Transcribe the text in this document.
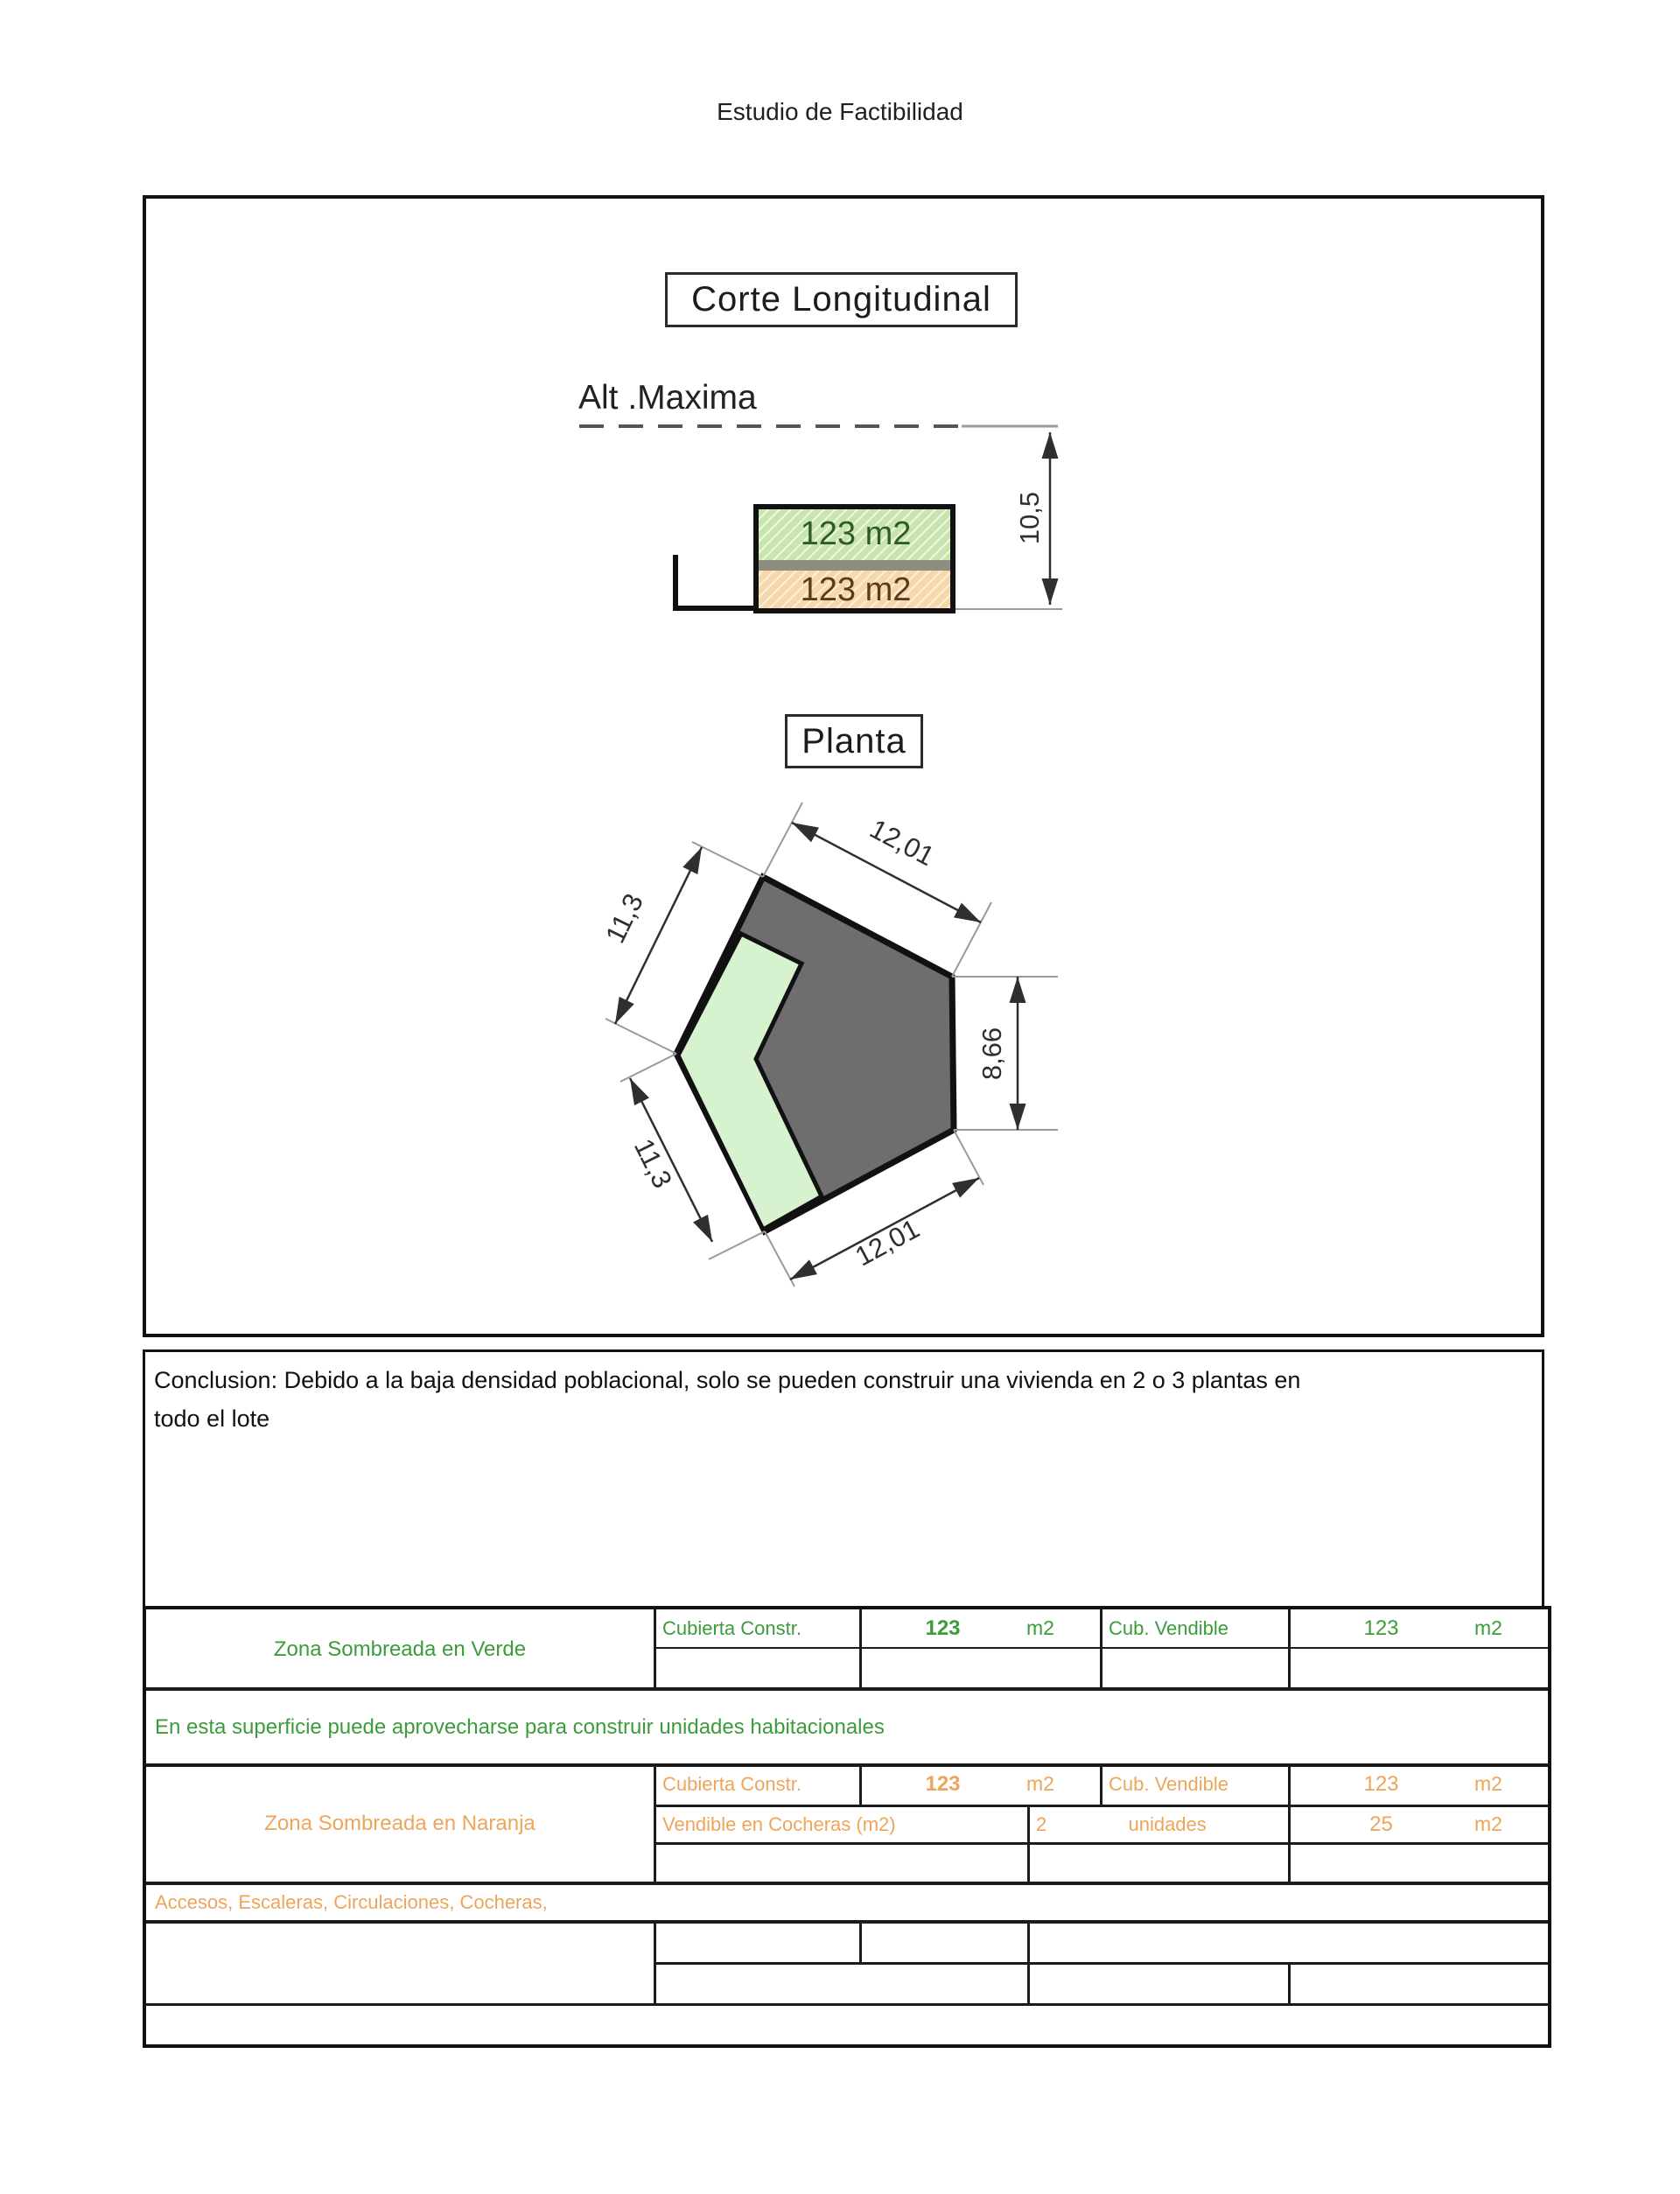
Estudio de Factibilidad
10,5
123 m2
123 m2
12,01
11,3
8,66
11,3
12,01
Corte Longitudinal
Alt .Maxima
Planta
Conclusion: Debido a la baja densidad poblacional, solo se pueden construir una vivienda en 2 o 3 plantas en
todo el lote
Zona Sombreada en Verde
Cubierta Constr.	123	m2	Cub. Vendible	123	m2
En esta superficie puede aprovecharse para construir unidades habitacionales
Zona Sombreada en Naranja
Cubierta Constr.	123	m2	Cub. Vendible	123	m2
Vendible en Cocheras (m2)	2	unidades	25	m2
Accesos, Escaleras, Circulaciones, Cocheras,
